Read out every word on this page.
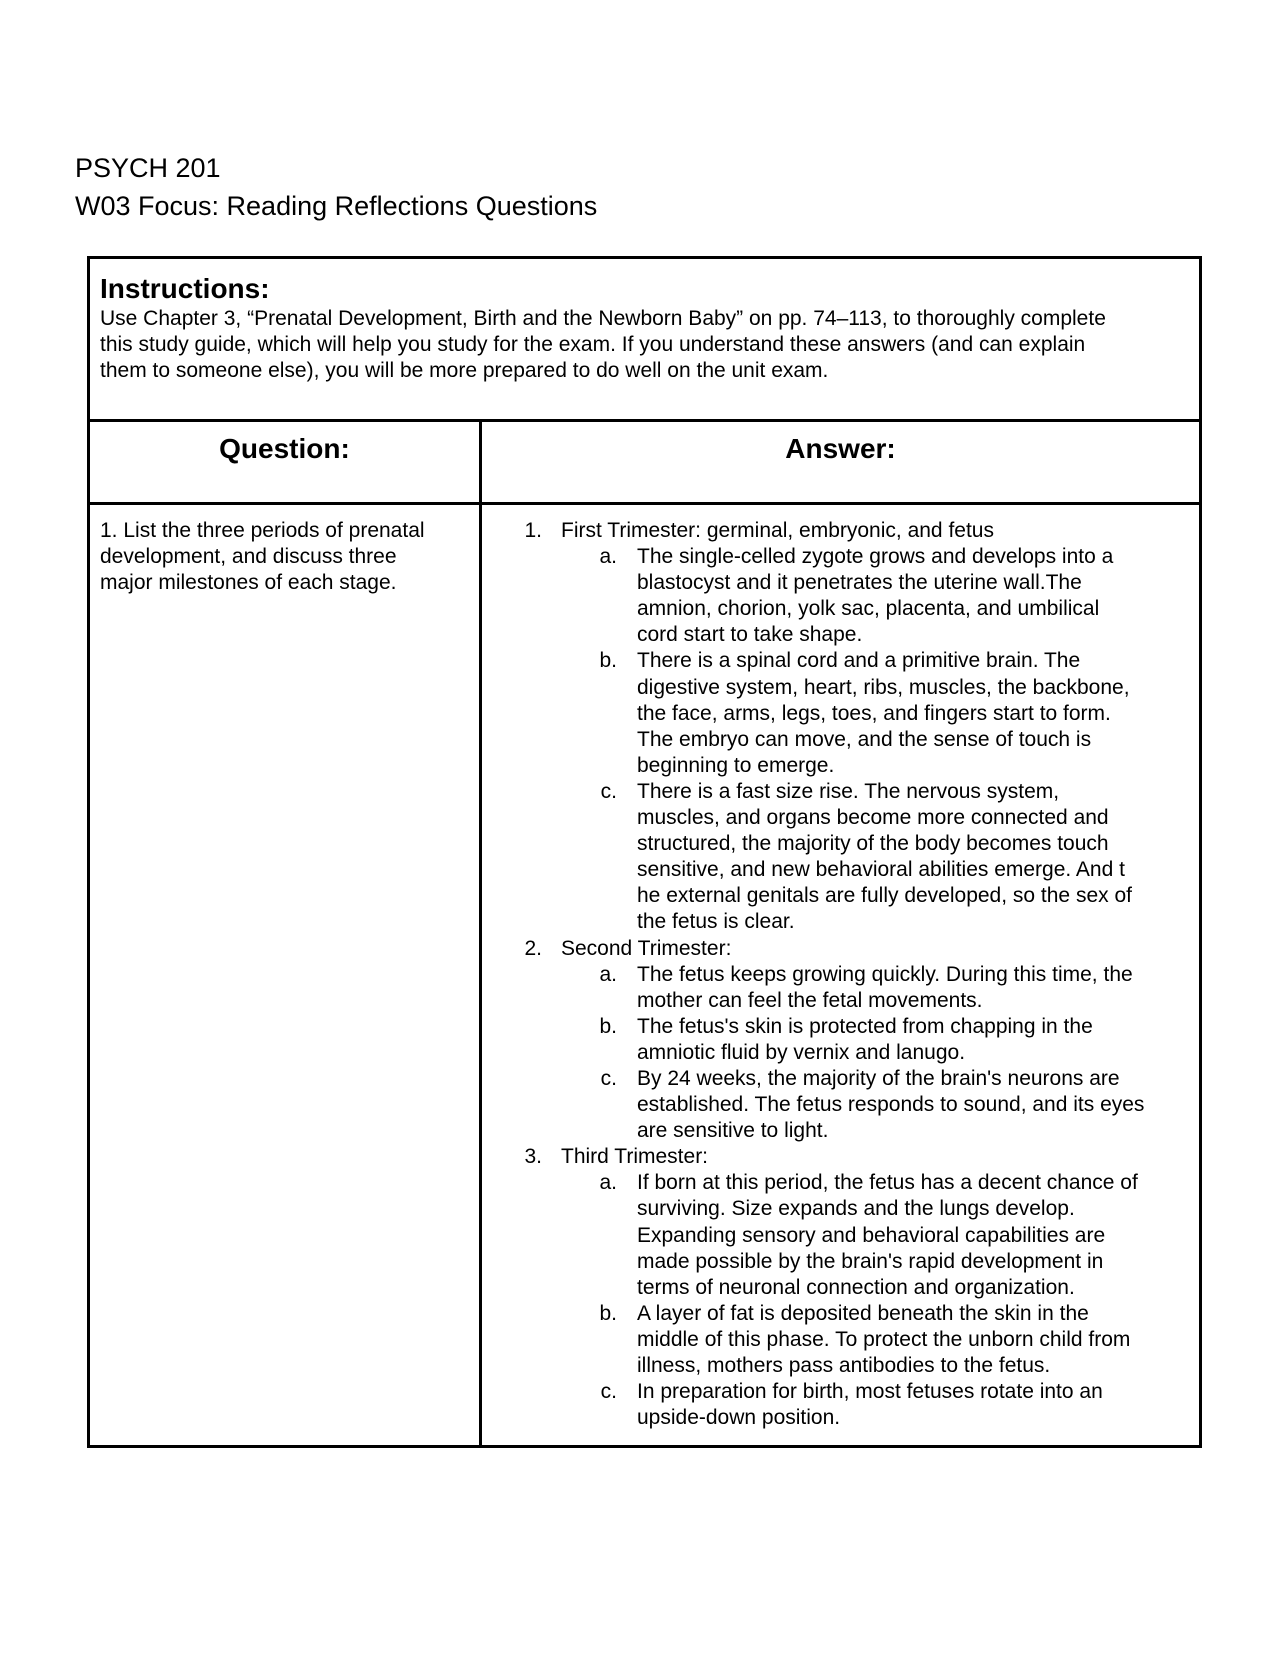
PSYCH 201
W03 Focus: Reading Reflections Questions
Instructions:
Use Chapter 3, “Prenatal Development, Birth and the Newborn Baby” on pp. 74–113, to thoroughly complete
this study guide, which will help you study for the exam. If you understand these answers (and can explain
them to someone else), you will be more prepared to do well on the unit exam.
Question:	Answer:
1. List the three periods of prenatal
development, and discuss three
major milestones of each stage.
1. First Trimester: germinal, embryonic, and fetus
a. The single-celled zygote grows and develops into a
blastocyst and it penetrates the uterine wall.The
amnion, chorion, yolk sac, placenta, and umbilical
cord start to take shape.
b. There is a spinal cord and a primitive brain. The
digestive system, heart, ribs, muscles, the backbone,
the face, arms, legs, toes, and fingers start to form.
The embryo can move, and the sense of touch is
beginning to emerge.
c. There is a fast size rise. The nervous system,
muscles, and organs become more connected and
structured, the majority of the body becomes touch
sensitive, and new behavioral abilities emerge. And t
he external genitals are fully developed, so the sex of
the fetus is clear.
2. Second Trimester:
a. The fetus keeps growing quickly. During this time, the
mother can feel the fetal movements.
b. The fetus's skin is protected from chapping in the
amniotic fluid by vernix and lanugo.
c. By 24 weeks, the majority of the brain's neurons are
established. The fetus responds to sound, and its eyes
are sensitive to light.
3. Third Trimester:
a. If born at this period, the fetus has a decent chance of
surviving. Size expands and the lungs develop.
Expanding sensory and behavioral capabilities are
made possible by the brain's rapid development in
terms of neuronal connection and organization.
b. A layer of fat is deposited beneath the skin in the
middle of this phase. To protect the unborn child from
illness, mothers pass antibodies to the fetus.
c. In preparation for birth, most fetuses rotate into an
upside-down position.
